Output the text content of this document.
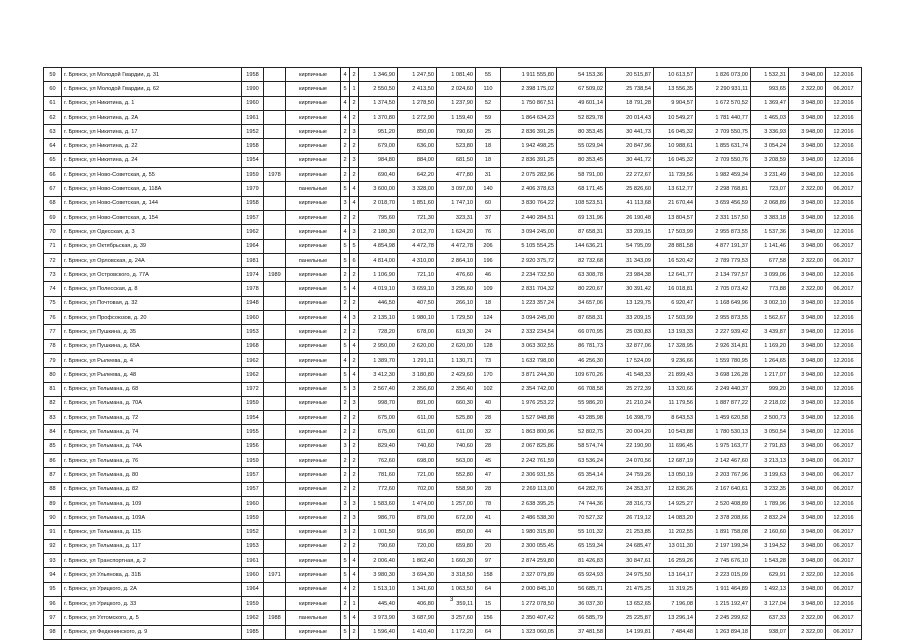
59	г. Брянск, ул Молодой Гвардии, д. 31	1958		кирпичные	4	2	1 346,90	1 247,50	1 081,40	55	1 911 555,80	54 153,36	20 515,87	10 613,57	1 826 073,00	1 532,31	3 948,00	12.2016
60	г. Брянск, ул Молодой Гвардии, д. 62	1990		кирпичные	5	1	2 550,50	2 413,50	2 024,60	110	2 398 175,02	67 509,02	25 738,54	13 556,35	2 290 931,11	993,65	2 322,00	06.2017
61	г. Брянск, ул Никитина, д. 1	1960		кирпичные	4	2	1 374,50	1 278,50	1 237,90	52	1 750 867,51	49 601,14	18 791,28	9 904,57	1 672 570,52	1 369,47	3 948,00	12.2016
62	г. Брянск, ул Никитина, д. 2А	1961		кирпичные	4	2	1 370,80	1 272,90	1 159,40	59	1 864 634,23	52 829,78	20 014,43	10 549,27	1 781 440,77	1 465,03	3 948,00	12.2016
63	г. Брянск, ул Никитина, д. 17	1952		кирпичные	2	3	951,20	850,00	790,60	25	2 836 391,25	80 353,45	30 441,73	16 045,32	2 709 550,75	3 336,93	3 948,00	12.2016
64	г. Брянск, ул Никитина, д. 22	1958		кирпичные	2	2	679,00	636,00	523,80	18	1 942 498,25	55 029,94	20 847,96	10 988,61	1 855 631,74	3 054,24	3 948,00	12.2016
65	г. Брянск, ул Никитина, д. 24	1954		кирпичные	2	3	984,80	884,00	681,50	18	2 836 391,25	80 353,45	30 441,72	16 045,32	2 709 550,76	3 208,59	3 948,00	12.2016
66	г. Брянск, ул Ново-Советская, д. 55	1959	1978	кирпичные	2	2	690,40	642,20	477,80	31	2 075 282,96	58 791,00	22 272,67	11 739,56	1 982 459,34	3 231,49	3 948,00	12.2016
67	г. Брянск, ул Ново-Советская, д. 118А	1979		панельные	5	4	3 600,00	3 328,00	3 097,00	140	2 406 378,63	68 171,45	25 826,60	13 612,77	2 298 768,81	723,07	2 322,00	06.2017
68	г. Брянск, ул Ново-Советская, д. 144	1958		кирпичные	3	4	2 018,70	1 851,60	1 747,10	60	3 830 764,22	108 523,51	41 113,68	21 670,44	3 659 456,59	2 068,89	3 948,00	12.2016
69	г. Брянск, ул Ново-Советская, д. 154	1957		кирпичные	2	2	795,60	721,30	323,31	37	2 440 284,51	69 131,96	26 190,48	13 804,57	2 331 157,50	3 383,18	3 948,00	12.2016
70	г. Брянск, ул Одесская, д. 3	1962		кирпичные	4	3	2 180,30	2 012,70	1 624,20	76	3 094 245,00	87 658,31	33 209,15	17 503,99	2 955 873,55	1 537,36	3 948,00	12.2016
71	г. Брянск, ул Октябрьская, д. 39	1964		кирпичные	5	5	4 854,98	4 472,78	4 472,78	206	5 105 554,25	144 636,21	54 795,09	28 881,58	4 877 191,37	1 141,46	3 948,00	06.2017
72	г. Брянск, ул Орловская, д. 24А	1981		панельные	5	6	4 814,00	4 310,00	2 864,10	196	2 920 375,72	82 732,68	31 343,09	16 520,42	2 789 779,53	677,58	2 322,00	06.2017
73	г. Брянск, ул Островского, д. 77А	1974	1989	кирпичные	2	2	1 106,90	721,10	476,60	46	2 234 732,50	63 308,78	23 984,38	12 641,77	2 134 797,57	3 099,06	3 948,00	12.2016
74	г. Брянск, ул Полесская, д. 8	1978		кирпичные	5	4	4 019,10	3 659,10	3 295,60	109	2 831 704,32	80 220,67	30 391,42	16 018,81	2 705 073,42	773,88	2 322,00	06.2017
75	г. Брянск, ул Почтовая, д. 32	1948		кирпичные	2	2	446,50	407,50	266,10	18	1 223 357,24	34 657,06	13 129,75	6 920,47	1 168 649,96	3 002,10	3 948,00	12.2016
76	г. Брянск, ул Профсоюзов, д. 20	1960		кирпичные	4	3	2 135,10	1 980,10	1 729,50	124	3 094 245,00	87 658,31	33 209,15	17 503,99	2 955 873,55	1 562,67	3 948,00	12.2016
77	г. Брянск, ул Пушкина, д. 35	1953		кирпичные	2	2	728,20	678,00	619,30	24	2 332 234,54	66 070,95	25 030,83	13 193,33	2 227 939,42	3 439,87	3 948,00	12.2016
78	г. Брянск, ул Пушкина, д. 65А	1968		кирпичные	5	4	2 950,00	2 620,00	2 620,00	128	3 063 302,55	86 781,73	32 877,06	17 328,95	2 926 314,81	1 169,20	3 948,00	12.2016
79	г. Брянск, ул Рылеева, д. 4	1962		кирпичные	4	2	1 389,70	1 291,11	1 130,71	73	1 632 798,00	46 256,30	17 524,09	9 236,66	1 559 780,95	1 264,65	3 948,00	12.2016
80	г. Брянск, ул Рылеева, д. 48	1962		кирпичные	5	4	3 412,30	3 180,80	2 429,60	170	3 871 244,30	109 670,26	41 548,33	21 899,43	3 698 126,28	1 217,07	3 948,00	12.2016
81	г. Брянск, ул Тельмана, д. 68	1972		кирпичные	5	3	2 567,40	2 356,60	2 356,40	102	2 354 742,00	66 708,58	25 272,39	13 320,66	2 249 440,37	999,20	3 948,00	12.2016
82	г. Брянск, ул Тельмана, д. 70А	1959		кирпичные	2	3	998,70	891,00	660,30	40	1 976 253,22	55 986,20	21 210,24	11 179,56	1 887 877,22	2 218,02	3 948,00	12.2016
83	г. Брянск, ул Тельмана, д. 72	1954		кирпичные	2	2	675,00	611,00	525,80	28	1 527 948,88	43 285,98	16 398,79	8 643,53	1 459 620,58	2 500,73	3 948,00	12.2016
84	г. Брянск, ул Тельмана, д. 74	1955		кирпичные	2	2	675,00	611,00	611,00	32	1 863 800,96	52 802,75	20 004,20	10 543,88	1 780 530,13	3 050,54	3 948,00	12.2016
85	г. Брянск, ул Тельмана, д. 74А	1956		кирпичные	3	2	829,40	740,60	740,60	28	2 067 825,86	58 574,74	22 190,90	11 696,45	1 975 163,77	2 791,83	3 948,00	06.2017
86	г. Брянск, ул Тельмана, д. 76	1959		кирпичные	2	2	762,60	698,00	563,00	45	2 242 761,59	63 536,24	24 070,56	12 687,19	2 142 467,60	3 213,13	3 948,00	06.2017
87	г. Брянск, ул Тельмана, д. 80	1957		кирпичные	2	2	781,60	721,00	552,80	47	2 306 931,55	65 354,14	24 759,26	13 050,19	2 203 767,96	3 199,63	3 948,00	06.2017
88	г. Брянск, ул Тельмана, д. 82	1957		кирпичные	2	2	772,60	702,00	558,90	28	2 269 113,00	64 282,76	24 353,37	12 836,26	2 167 640,61	3 232,35	3 948,00	06.2017
89	г. Брянск, ул Тельмана, д. 109	1960		кирпичные	3	3	1 583,60	1 474,00	1 257,00	78	2 638 395,25	74 744,36	28 316,73	14 925,27	2 520 408,89	1 789,96	3 948,00	12.2016
90	г. Брянск, ул Тельмана, д. 109А	1959		кирпичные	2	3	986,70	879,00	672,00	41	2 486 538,30	70 527,32	26 719,12	14 083,20	2 378 208,66	2 832,24	3 948,00	12.2016
91	г. Брянск, ул Тельмана, д. 115	1952		кирпичные	3	2	1 001,50	916,90	850,00	44	1 980 315,80	55 101,32	21 253,85	11 202,55	1 891 758,08	2 160,60	3 948,00	06.2017
92	г. Брянск, ул Тельмана, д. 117	1953		кирпичные	2	2	790,60	720,00	659,80	20	2 300 055,45	65 159,34	24 685,47	13 011,30	2 197 199,34	3 194,52	3 948,00	06.2017
93	г. Брянск, ул Транспортная, д. 2	1961		кирпичные	5	4	2 006,40	1 862,40	1 660,30	97	2 874 259,80	81 426,83	30 847,61	16 259,26	2 745 676,10	1 543,28	3 948,00	06.2017
94	г. Брянск, ул Ульянова, д. 31Б	1960	1971	кирпичные	5	4	3 980,30	3 694,30	3 318,50	158	2 327 079,89	65 924,93	24 975,50	13 164,17	2 223 015,09	629,91	2 322,00	12.2016
95	г. Брянск, ул Урицкого, д. 2А	1964		кирпичные	4	2	1 513,10	1 341,60	1 063,50	64	2 000 845,10	56 685,71	21 475,25	11 319,25	1 911 464,89	1 492,13	3 948,00	06.2017
96	г. Брянск, ул Урицкого, д. 33	1959		кирпичные	2	1	445,40	406,80	359,11	15	1 272 078,50	36 037,30	13 652,65	7 196,08	1 215 192,47	3 127,04	3 948,00	12.2016
97	г. Брянск, ул Ухтомского, д. 5	1962	1988	панельные	5	4	3 973,90	3 687,90	3 257,60	156	2 350 407,42	66 585,79	25 225,87	13 296,14	2 245 299,62	637,33	2 322,00	06.2017
98	г. Брянск, ул Федюнинского, д. 9	1985		кирпичные	5	2	1 596,40	1 410,40	1 172,20	64	1 323 060,05	37 481,58	14 199,81	7 484,48	1 263 894,18	938,07	2 322,00	06.2017
3
